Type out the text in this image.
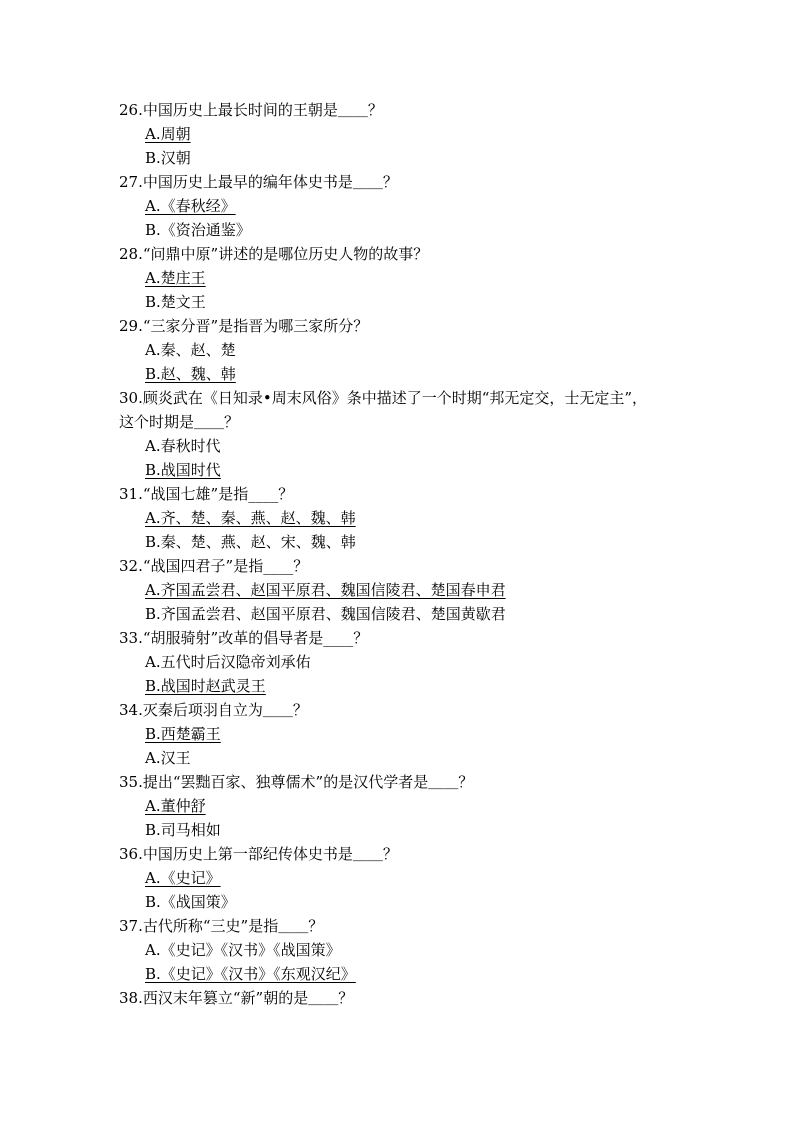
26.中国历史上最长时间的王朝是＿＿？
A.周朝
B.汉朝
27.中国历史上最早的编年体史书是＿＿？
A.《春秋经》
B.《资治通鉴》
28.“问鼎中原”讲述的是哪位历史人物的故事？
A.楚庄王
B.楚文王
29.“三家分晋”是指晋为哪三家所分？
A.秦、赵、楚
B.赵、魏、韩
30.顾炎武在《日知录•周末风俗》条中描述了一个时期“邦无定交，士无定主”，这个时期是＿＿？
A.春秋时代
B.战国时代
31.“战国七雄”是指____？
A.齐、楚、秦、燕、赵、魏、韩
B.秦、楚、燕、赵、宋、魏、韩
32.“战国四君子”是指____？
A.齐国孟尝君、赵国平原君、魏国信陵君、楚国春申君
B.齐国孟尝君、赵国平原君、魏国信陵君、楚国黄歇君
33.“胡服骑射”改革的倡导者是____？
A.五代时后汉隐帝刘承佑
B.战国时赵武灵王
34.灭秦后项羽自立为＿＿？
B.西楚霸王
A.汉王
35.提出“罢黜百家、独尊儒术”的是汉代学者是＿＿？
A.董仲舒
B.司马相如
36.中国历史上第一部纪传体史书是＿＿？
A.《史记》
B.《战国策》
37.古代所称“三史”是指＿＿？
A.《史记》《汉书》《战国策》
B.《史记》《汉书》《东观汉纪》
38.西汉末年篡立“新”朝的是＿＿？
